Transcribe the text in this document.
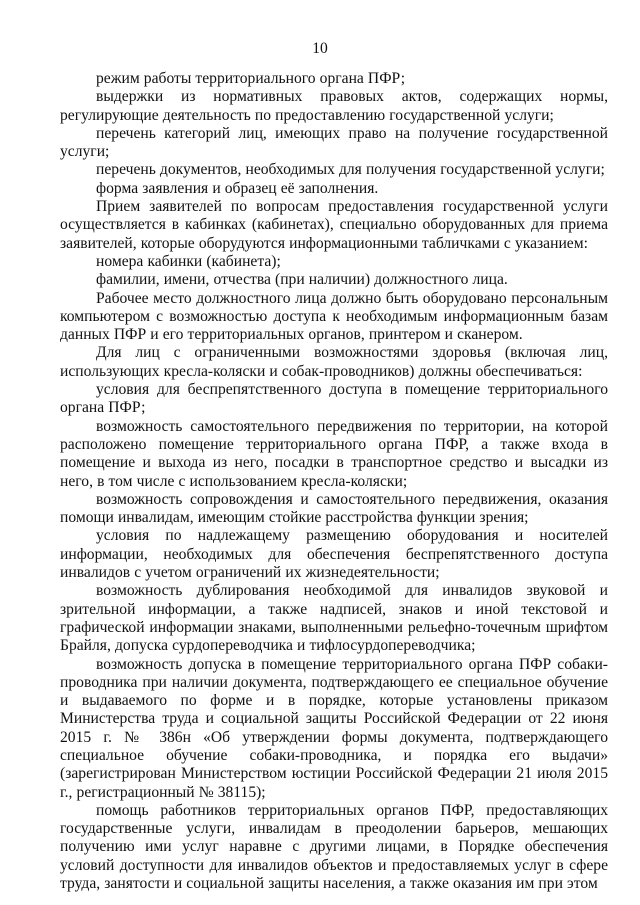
10

режим работы территориального органа ПФР;

выдержки из нормативных правовых актов, содержащих нормы, регулирующие деятельность по предоставлению государственной услуги;

перечень категорий лиц, имеющих право на получение государственной услуги;

перечень документов, необходимых для получения государственной услуги;

форма заявления и образец её заполнения.

Прием заявителей по вопросам предоставления государственной услуги осуществляется в кабинках (кабинетах), специально оборудованных для приема заявителей, которые оборудуются информационными табличками с указанием:

номера кабинки (кабинета);

фамилии, имени, отчества (при наличии) должностного лица.

Рабочее место должностного лица должно быть оборудовано персональным компьютером с возможностью доступа к необходимым информационным базам данных ПФР и его территориальных органов, принтером и сканером.

Для лиц с ограниченными возможностями здоровья (включая лиц, использующих кресла-коляски и собак-проводников) должны обеспечиваться:

условия для беспрепятственного доступа в помещение территориального органа ПФР;

возможность самостоятельного передвижения по территории, на которой расположено помещение территориального органа ПФР, а также входа в помещение и выхода из него, посадки в транспортное средство и высадки из него, в том числе с использованием кресла-коляски;

возможность сопровождения и самостоятельного передвижения, оказания помощи инвалидам, имеющим стойкие расстройства функции зрения;

условия по надлежащему размещению оборудования и носителей информации, необходимых для обеспечения беспрепятственного доступа инвалидов с учетом ограничений их жизнедеятельности;

возможность дублирования необходимой для инвалидов звуковой и зрительной информации, а также надписей, знаков и иной текстовой и графической информации знаками, выполненными рельефно-точечным шрифтом Брайля, допуска сурдопереводчика и тифлосурдопереводчика;

возможность допуска в помещение территориального органа ПФР собаки-проводника при наличии документа, подтверждающего ее специальное обучение и выдаваемого по форме и в порядке, которые установлены приказом Министерства труда и социальной защиты Российской Федерации от 22 июня 2015 г. № 386н «Об утверждении формы документа, подтверждающего специальное обучение собаки-проводника, и порядка его выдачи» (зарегистрирован Министерством юстиции Российской Федерации 21 июля 2015 г., регистрационный № 38115);

помощь работников территориальных органов ПФР, предоставляющих государственные услуги, инвалидам в преодолении барьеров, мешающих получению ими услуг наравне с другими лицами, в Порядке обеспечения условий доступности для инвалидов объектов и предоставляемых услуг в сфере труда, занятости и социальной защиты населения, а также оказания им при этом
